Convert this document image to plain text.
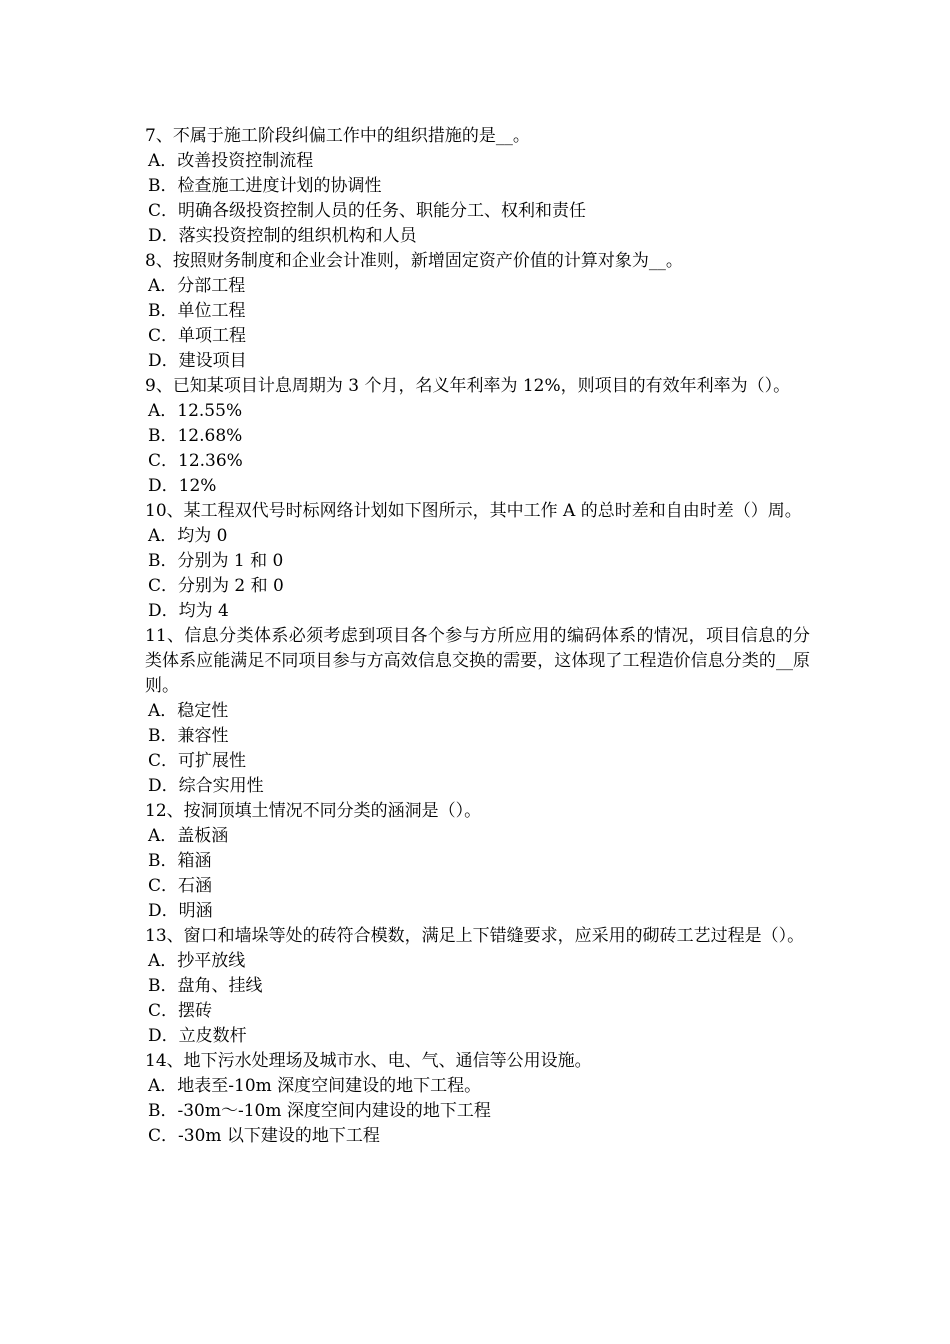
7、不属于施工阶段纠偏工作中的组织措施的是__。

A．改善投资控制流程

B．检查施工进度计划的协调性

C．明确各级投资控制人员的任务、职能分工、权利和责任

D．落实投资控制的组织机构和人员

8、按照财务制度和企业会计准则，新增固定资产价值的计算对象为__。

A．分部工程

B．单位工程

C．单项工程

D．建设项目

9、已知某项目计息周期为 3 个月，名义年利率为 12%，则项目的有效年利率为（）。

A．12.55%

B．12.68%

C．12.36%

D．12%

10、某工程双代号时标网络计划如下图所示，其中工作 A 的总时差和自由时差（）周。

A．均为 0

B．分别为 1 和 0

C．分别为 2 和 0

D．均为 4

11、信息分类体系必须考虑到项目各个参与方所应用的编码体系的情况，项目信息的分类体系应能满足不同项目参与方高效信息交换的需要，这体现了工程造价信息分类的__原则。

A．稳定性

B．兼容性

C．可扩展性

D．综合实用性

12、按洞顶填土情况不同分类的涵洞是（）。

A．盖板涵

B．箱涵

C．石涵

D．明涵

13、窗口和墙垛等处的砖符合模数，满足上下错缝要求，应采用的砌砖工艺过程是（）。

A．抄平放线

B．盘角、挂线

C．摆砖

D．立皮数杆

14、地下污水处理场及城市水、电、气、通信等公用设施。

A．地表至-10m 深度空间建设的地下工程。

B．-30m～-10m 深度空间内建设的地下工程

C．-30m 以下建设的地下工程
